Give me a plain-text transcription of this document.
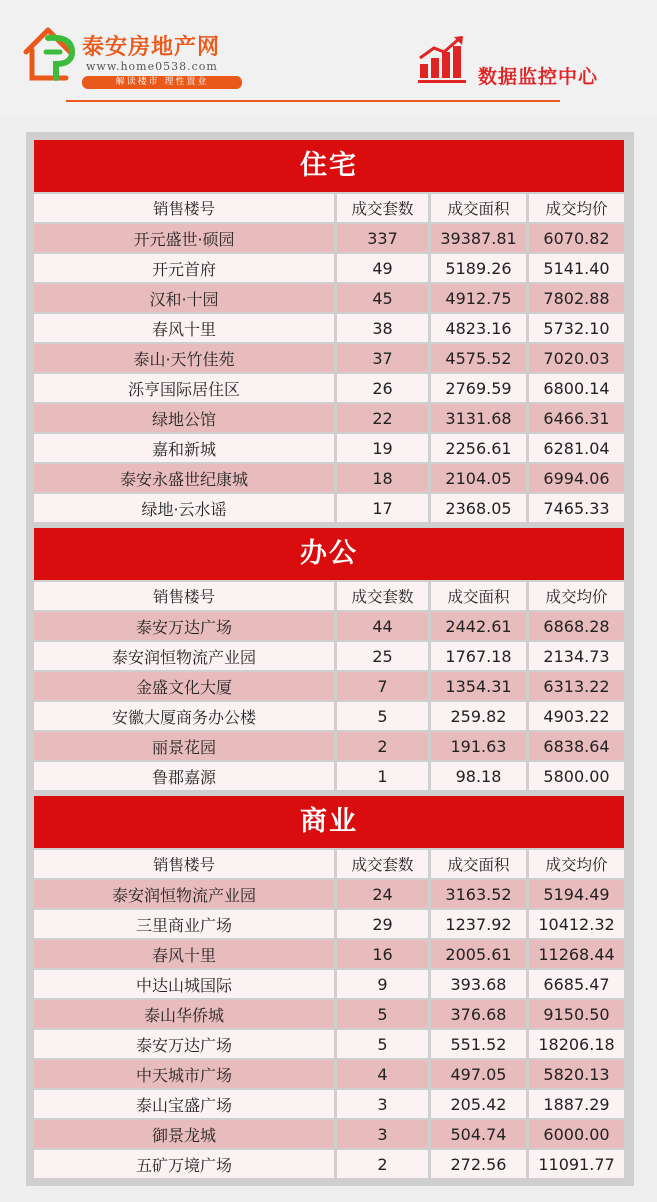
泰安房地产网
www.home0538.com
解读楼市 理性置业	数据监控中心
住宅
销售楼号	成交套数	成交面积	成交均价
开元盛世·硕园	337	39387.81	6070.82
开元首府	49	5189.26	5141.40
汉和·十园	45	4912.75	7802.88
春风十里	38	4823.16	5732.10
泰山·天竹佳苑	37	4575.52	7020.03
泺亨国际居住区	26	2769.59	6800.14
绿地公馆	22	3131.68	6466.31
嘉和新城	19	2256.61	6281.04
泰安永盛世纪康城	18	2104.05	6994.06
绿地·云水谣	17	2368.05	7465.33
办公
销售楼号	成交套数	成交面积	成交均价
泰安万达广场	44	2442.61	6868.28
泰安润恒物流产业园	25	1767.18	2134.73
金盛文化大厦	7	1354.31	6313.22
安徽大厦商务办公楼	5	259.82	4903.22
丽景花园	2	191.63	6838.64
鲁郡嘉源	1	98.18	5800.00
商业
销售楼号	成交套数	成交面积	成交均价
泰安润恒物流产业园	24	3163.52	5194.49
三里商业广场	29	1237.92	10412.32
春风十里	16	2005.61	11268.44
中达山城国际	9	393.68	6685.47
泰山华侨城	5	376.68	9150.50
泰安万达广场	5	551.52	18206.18
中天城市广场	4	497.05	5820.13
泰山宝盛广场	3	205.42	1887.29
御景龙城	3	504.74	6000.00
五矿万境广场	2	272.56	11091.77
